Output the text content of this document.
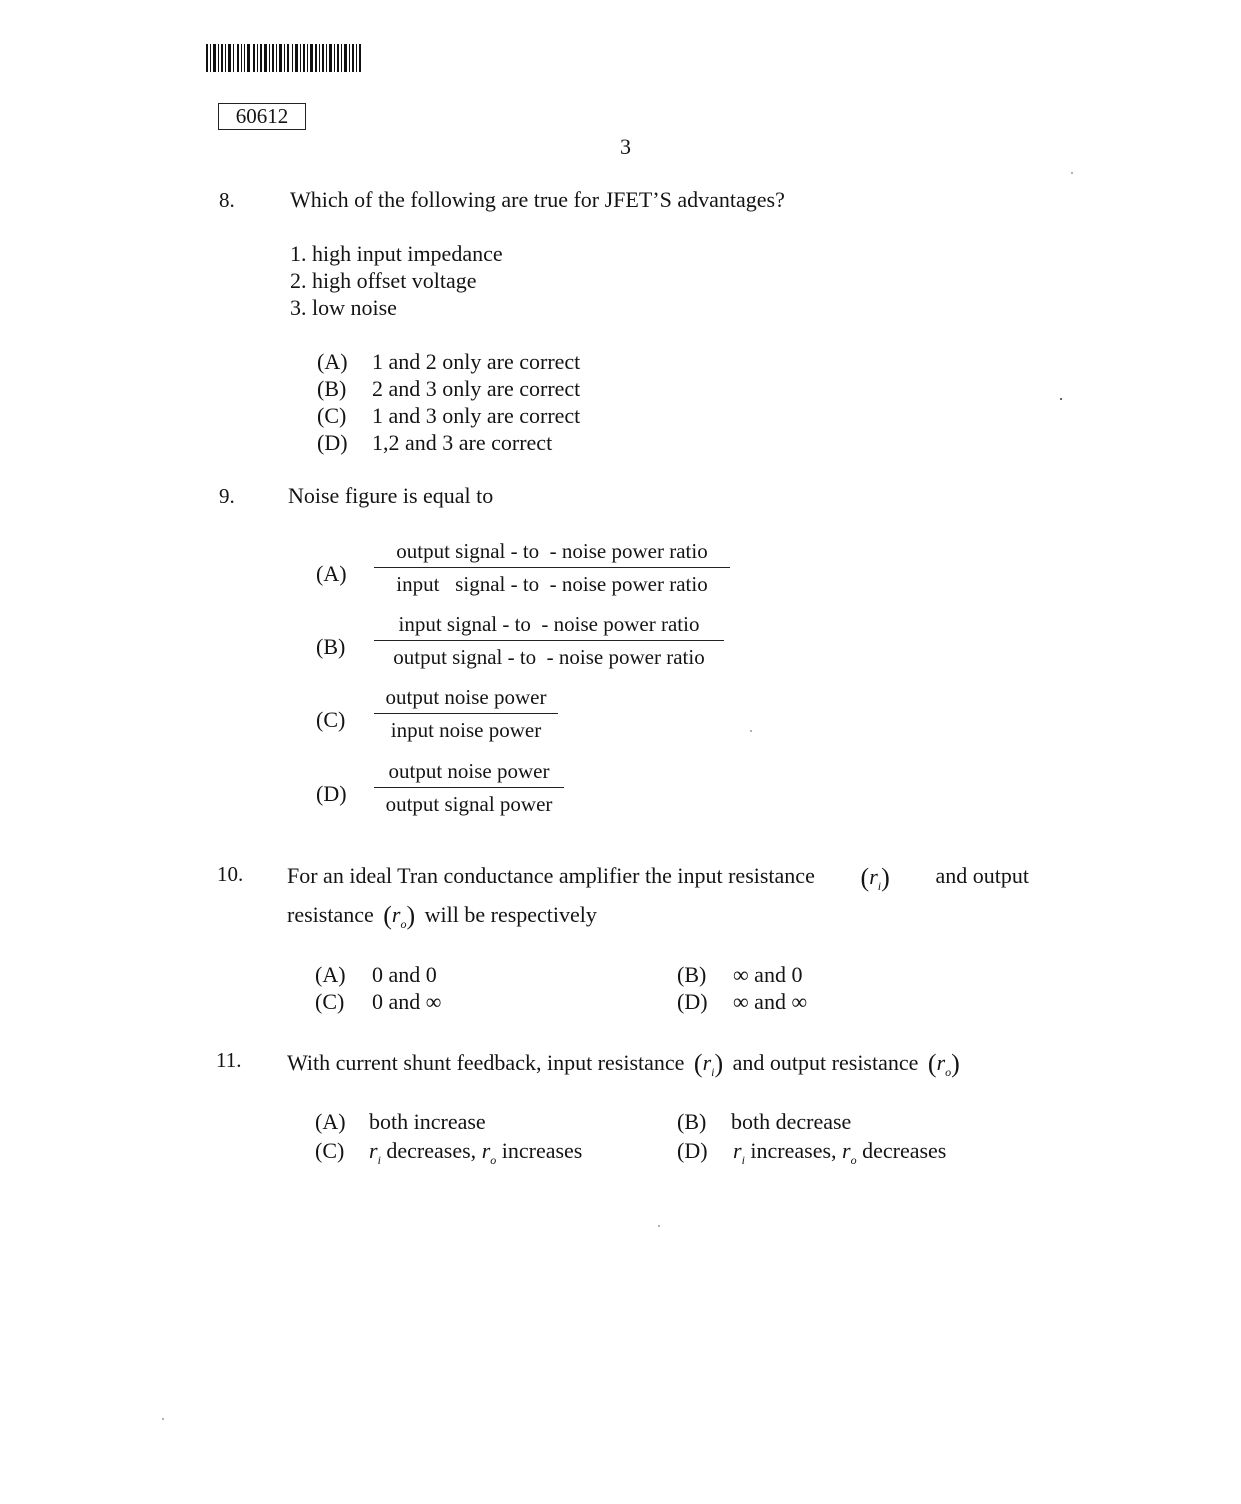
60612
3
8.	Which of the following are true for JFET’S advantages?
1. high input impedance
2. high offset voltage
3. low noise
(A) 1 and 2 only are correct
(B) 2 and 3 only are correct
(C) 1 and 3 only are correct
(D) 1,2 and 3 are correct
9. Noise figure is equal to
(A)
output signal - to  - noise power ratio
input   signal - to  - noise power ratio
(B)
input signal - to  - noise power ratio
output signal - to  - noise power ratio
(C)
output noise power
input noise power
(D)
output noise power
output signal power
10. For an ideal Tran conductance amplifier the input resistance $(r_i)$ and output
resistance $(r_o)$ will be respectively
(A) 0 and 0	(B) ∞ and 0
(C) 0 and ∞	(D) ∞ and ∞
11. With current shunt feedback, input resistance $(r_i)$ and output resistance $(r_o)$
(A) both increase	(B) both decrease
(C) $r_i$ decreases, $r_o$ increases	(D) $r_i$ increases, $r_o$ decreases
